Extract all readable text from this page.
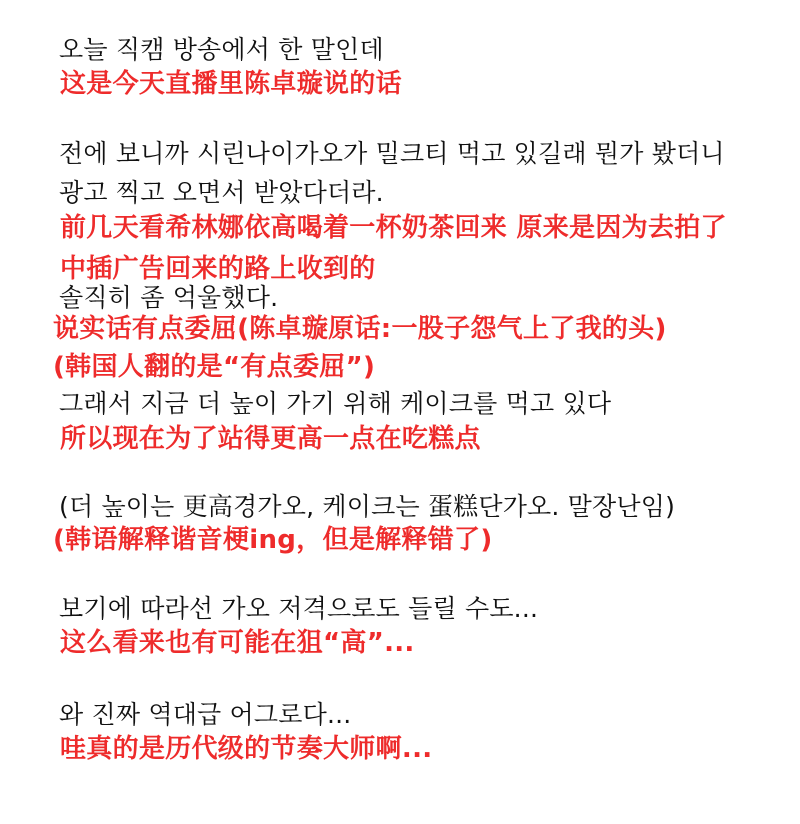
오늘 직캠 방송에서 한 말인데
这是今天直播里陈卓璇说的话
전에 보니까 시린나이가오가 밀크티 먹고 있길래 뭔가 봤더니
광고 찍고 오면서 받았다더라.
前几天看希林娜依高喝着一杯奶茶回来 原来是因为去拍了
中插广告回来的路上收到的
솔직히 좀 억울했다.
说实话有点委屈(陈卓璇原话:一股子怨气上了我的头)
(韩国人翻的是“有点委屈”)
그래서 지금 더 높이 가기 위해 케이크를 먹고 있다
所以现在为了站得更高一点在吃糕点
(더 높이는 更高경가오, 케이크는 蛋糕단가오. 말장난임)
(韩语解释谐音梗ing，但是解释错了)
보기에 따라선 가오 저격으로도 들릴 수도...
这么看来也有可能在狙“高”...
와 진짜 역대급 어그로다...
哇真的是历代级的节奏大师啊...
